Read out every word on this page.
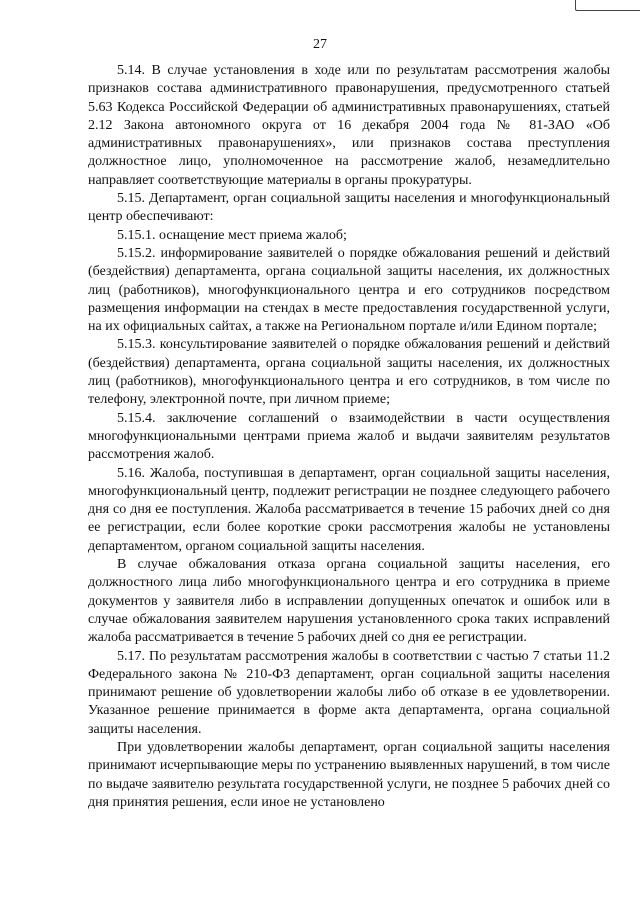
27

5.14. В случае установления в ходе или по результатам рассмотрения жалобы признаков состава административного правонарушения, предусмотренного статьей 5.63 Кодекса Российской Федерации об административных правонарушениях, статьей 2.12 Закона автономного округа от 16 декабря 2004 года № 81-ЗАО «Об административных правонарушениях», или признаков состава преступления должностное лицо, уполномоченное на рассмотрение жалоб, незамедлительно направляет соответствующие материалы в органы прокуратуры.

5.15. Департамент, орган социальной защиты населения и многофункциональный центр обеспечивают:

5.15.1. оснащение мест приема жалоб;

5.15.2. информирование заявителей о порядке обжалования решений и действий (бездействия) департамента, органа социальной защиты населения, их должностных лиц (работников), многофункционального центра и его сотрудников посредством размещения информации на стендах в месте предоставления государственной услуги, на их официальных сайтах, а также на Региональном портале и/или Едином портале;

5.15.3. консультирование заявителей о порядке обжалования решений и действий (бездействия) департамента, органа социальной защиты населения, их должностных лиц (работников), многофункционального центра и его сотрудников, в том числе по телефону, электронной почте, при личном приеме;

5.15.4. заключение соглашений о взаимодействии в части осуществления многофункциональными центрами приема жалоб и выдачи заявителям результатов рассмотрения жалоб.

5.16. Жалоба, поступившая в департамент, орган социальной защиты населения, многофункциональный центр, подлежит регистрации не позднее следующего рабочего дня со дня ее поступления. Жалоба рассматривается в течение 15 рабочих дней со дня ее регистрации, если более короткие сроки рассмотрения жалобы не установлены департаментом, органом социальной защиты населения.

В случае обжалования отказа органа социальной защиты населения, его должностного лица либо многофункционального центра и его сотрудника в приеме документов у заявителя либо в исправлении допущенных опечаток и ошибок или в случае обжалования заявителем нарушения установленного срока таких исправлений жалоба рассматривается в течение 5 рабочих дней со дня ее регистрации.

5.17. По результатам рассмотрения жалобы в соответствии с частью 7 статьи 11.2 Федерального закона № 210-ФЗ департамент, орган социальной защиты населения принимают решение об удовлетворении жалобы либо об отказе в ее удовлетворении. Указанное решение принимается в форме акта департамента, органа социальной защиты населения.

При удовлетворении жалобы департамент, орган социальной защиты населения принимают исчерпывающие меры по устранению выявленных нарушений, в том числе по выдаче заявителю результата государственной услуги, не позднее 5 рабочих дней со дня принятия решения, если иное не установлено
